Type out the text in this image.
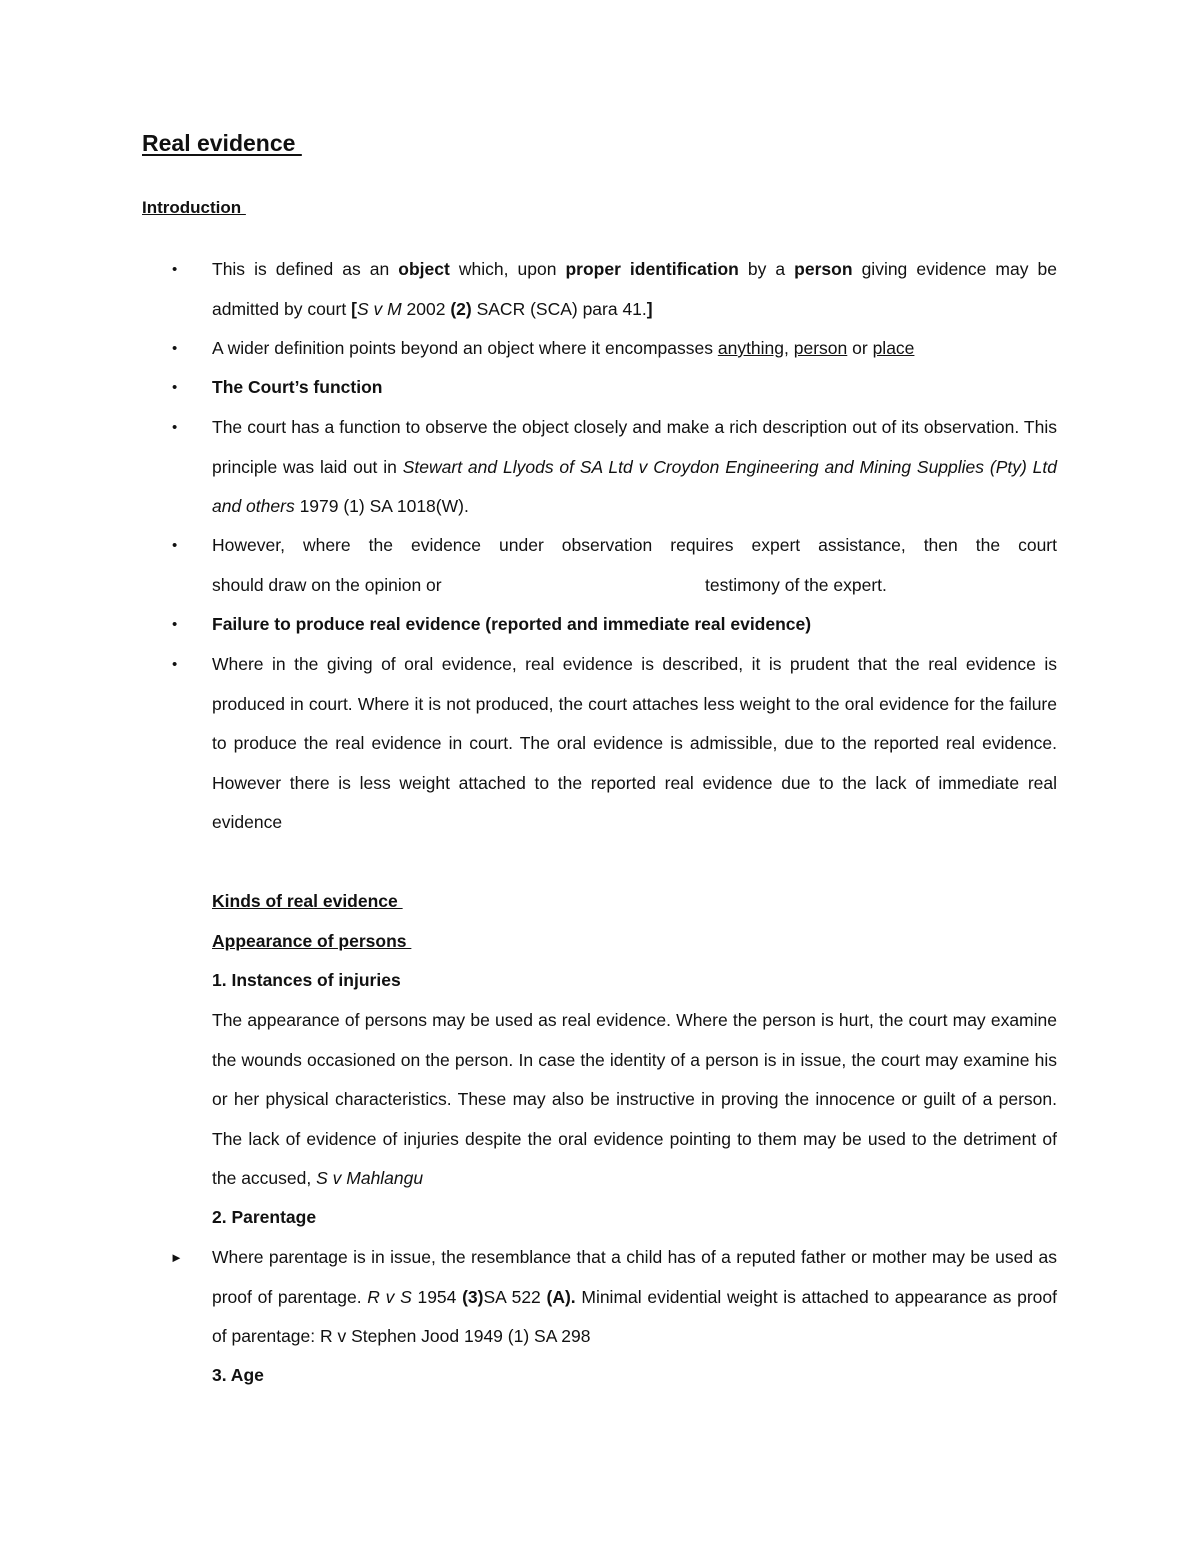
Real evidence
Introduction
•	This is defined as an object which, upon proper identification by a person giving evidence may be admitted by court [S v M 2002 (2) SACR (SCA) para 41.]
•	A wider definition points beyond an object where it encompasses anything, person or place
•	The Court’s function
•	The court has a function to observe the object closely and make a rich description out of its observation. This principle was laid out in Stewart and Llyods of SA Ltd v Croydon Engineering and Mining Supplies (Pty) Ltd and others 1979 (1) SA 1018(W).
•	However, where the evidence under observation requires expert assistance, then the court
should draw on the opinion or	testimony of the expert.
•	Failure to produce real evidence (reported and immediate real evidence)
•	Where in the giving of oral evidence, real evidence is described, it is prudent that the real evidence is produced in court. Where it is not produced, the court attaches less weight to the oral evidence for the failure to produce the real evidence in court. The oral evidence is admissible, due to the reported real evidence. However there is less weight attached to the reported real evidence due to the lack of immediate real evidence
Kinds of real evidence
Appearance of persons
1. Instances of injuries
The appearance of persons may be used as real evidence. Where the person is hurt, the court may examine the wounds occasioned on the person. In case the identity of a person is in issue, the court may examine his or her physical characteristics. These may also be instructive in proving the innocence or guilt of a person. The lack of evidence of injuries despite the oral evidence pointing to them may be used to the detriment of the accused, S v Mahlangu
2. Parentage
► Where parentage is in issue, the resemblance that a child has of a reputed father or mother may be used as proof of parentage. R v S 1954 (3)SA 522 (A). Minimal evidential weight is attached to appearance as proof of parentage: R v Stephen Jood 1949 (1) SA 298
3. Age
